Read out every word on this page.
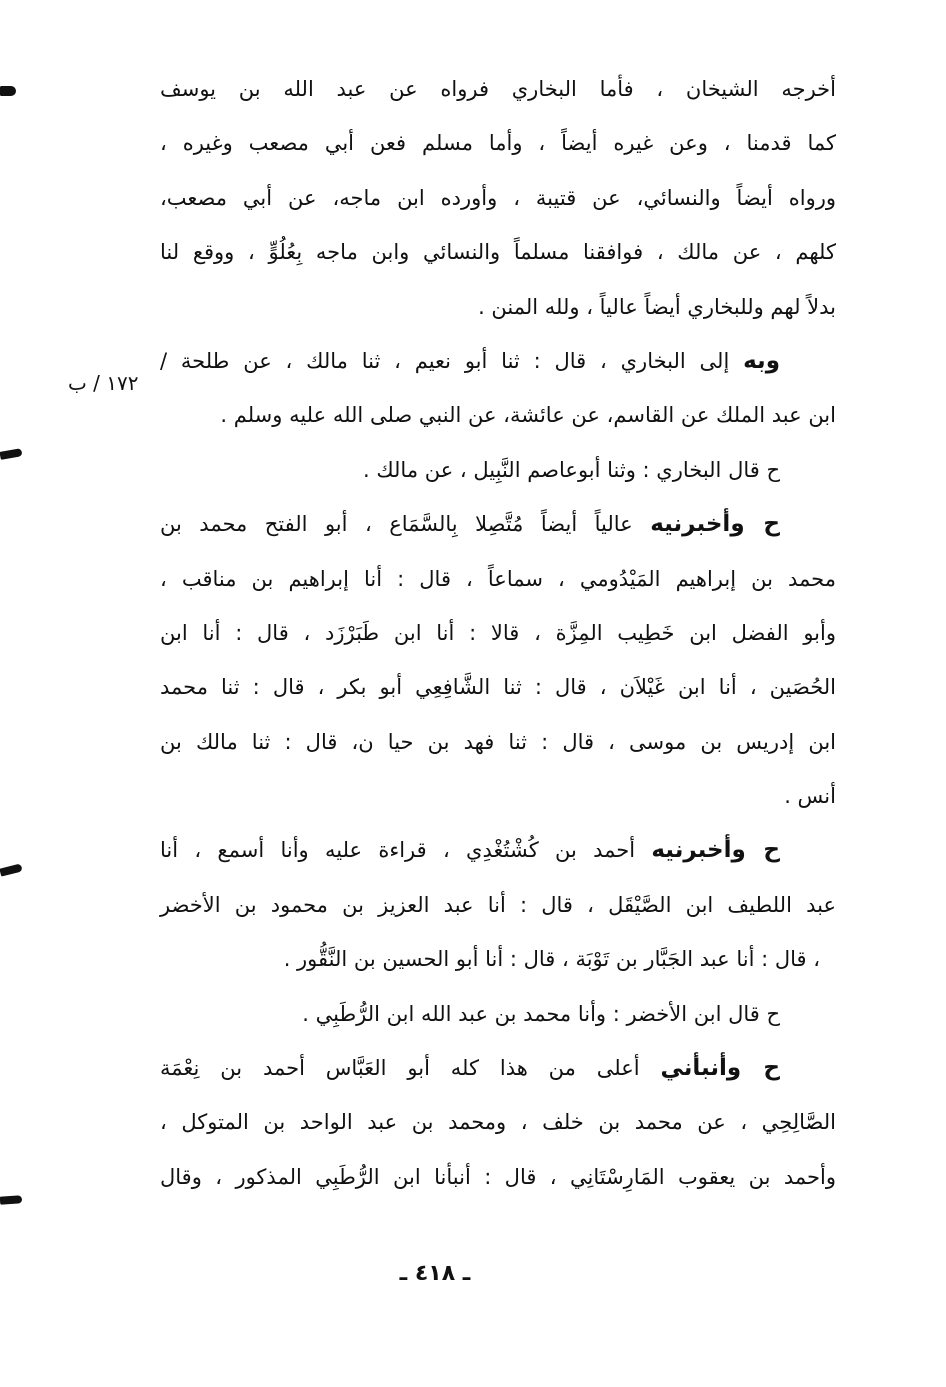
أخرجه الشيخان ، فأما البخاري فرواه عن عبد الله بن يوسف
كما قدمنا ، وعن غيره أيضاً ، وأما مسلم فعن أبي مصعب وغيره ،
ورواه أيضاً والنسائي، عن قتيبة ، وأورده ابن ماجه، عن أبي مصعب،
كلهم ، عن مالك ، فوافقنا مسلماً والنسائي وابن ماجه بِعُلُوٍّ ، ووقع لنا
بدلاً لهم وللبخاري أيضاً عالياً ، ولله المنن .
وبه إلى البخاري ، قال : ثنا أبو نعيم ، ثنا مالك ، عن طلحة /
ابن عبد الملك عن القاسم، عن عائشة، عن النبي صلى الله عليه وسلم .
ح قال البخاري : وثنا أبوعاصم النَّبِيل ، عن مالك .
ح وأخبرنيه عالياً أيضاً مُتَّصِلا بِالسَّمَاع ، أبو الفتح محمد بن
محمد بن إبراهيم المَيْدُومي ، سماعاً ، قال : أنا إبراهيم بن مناقب ،
وأبو الفضل ابن خَطِيب المِزَّة ، قالا : أنا ابن طَبَرْزَد ، قال : أنا ابن
الحُصَين ، أنا ابن غَيْلاَن ، قال : ثنا الشَّافِعِي أبو بكر ، قال : ثنا محمد
ابن إدريس بن موسى ، قال : ثنا فهد بن حيا ن، قال : ثنا مالك بن
أنس .
ح وأخبرنيه أحمد بن كُشْتُغْدِي ، قراءة عليه وأنا أسمع ، أنا
عبد اللطيف ابن الصَّيْقَل ، قال : أنا عبد العزيز بن محمود بن الأخضر
، قال : أنا عبد الجَبَّار بن تَوْبَة ، قال : أنا أبو الحسين بن النَّقُّور .
ح قال ابن الأخضر : وأنا محمد بن عبد الله ابن الرُّطَبِي .
ح وأنبأني أعلى من هذا كله أبو العَبَّاس أحمد بن نِعْمَة
الصَّالِحِي ، عن محمد بن خلف ، ومحمد بن عبد الواحد بن المتوكل ،
وأحمد بن يعقوب المَارِسْتَانِي ، قال : أنبأنا ابن الرُّطَبِي المذكور ، وقال
١٧٢ / ب
ـ ٤١٨ ـ
